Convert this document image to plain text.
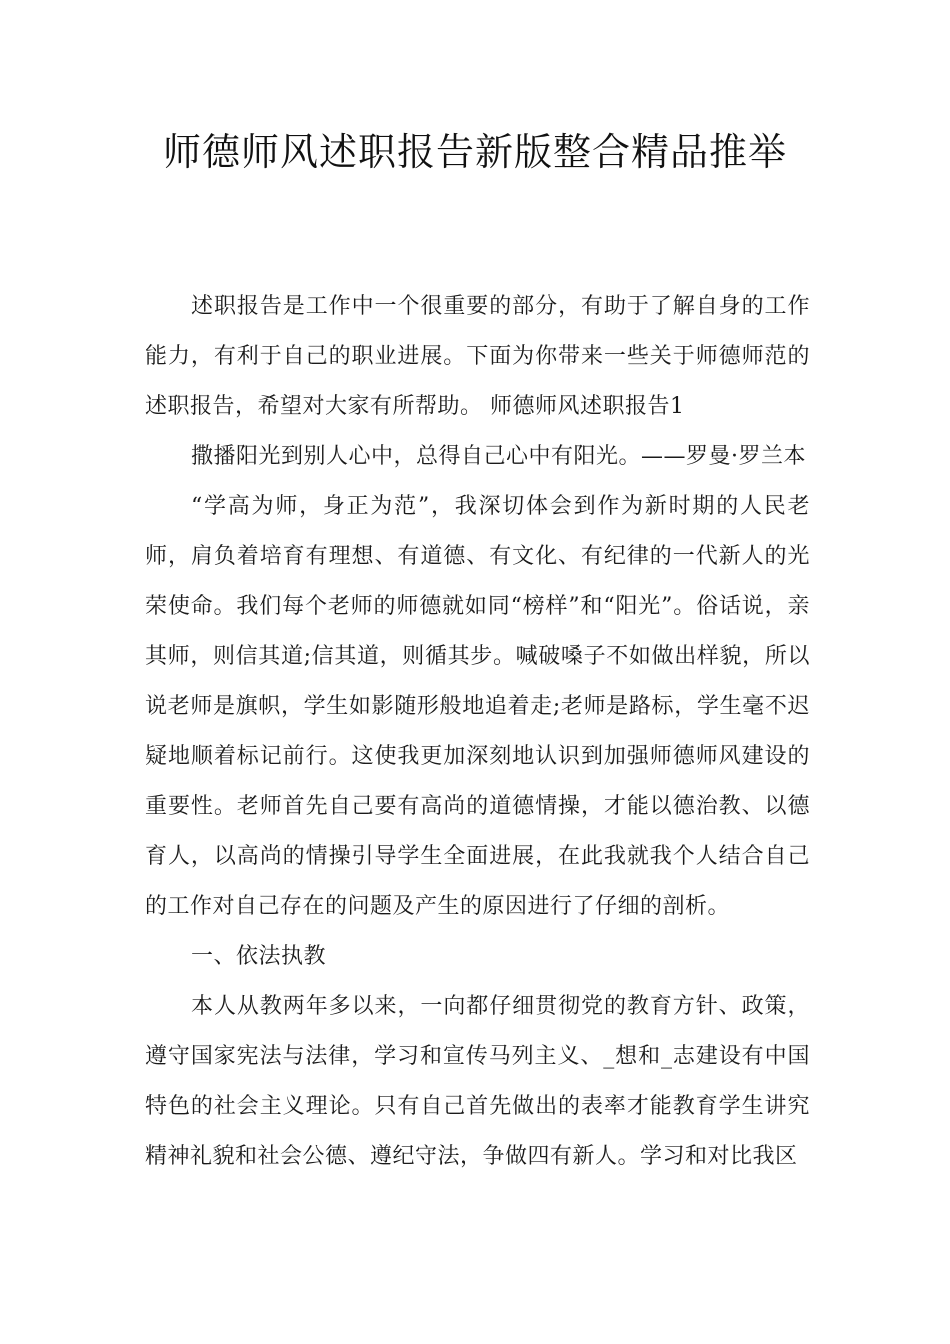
师德师风述职报告新版整合精品推举

述职报告是工作中一个很重要的部分，有助于了解自身的工作能力，有利于自己的职业进展。下面为你带来一些关于师德师范的述职报告，希望对大家有所帮助。 师德师风述职报告1

撒播阳光到别人心中，总得自己心中有阳光。——罗曼·罗兰本

“学高为师，身正为范”，我深切体会到作为新时期的人民老师，肩负着培育有理想、有道德、有文化、有纪律的一代新人的光荣使命。我们每个老师的师德就如同“榜样”和“阳光”。俗话说，亲其师，则信其道;信其道，则循其步。喊破嗓子不如做出样貌，所以说老师是旗帜，学生如影随形般地追着走;老师是路标，学生毫不迟疑地顺着标记前行。这使我更加深刻地认识到加强师德师风建设的重要性。老师首先自己要有高尚的道德情操，才能以德治教、以德育人，以高尚的情操引导学生全面进展，在此我就我个人结合自己的工作对自己存在的问题及产生的原因进行了仔细的剖析。

一、依法执教

本人从教两年多以来，一向都仔细贯彻党的教育方针、政策，遵守国家宪法与法律，学习和宣传马列主义、_想和_志建设有中国特色的社会主义理论。只有自己首先做出的表率才能教育学生讲究精神礼貌和社会公德、遵纪守法，争做四有新人。学习和对比我区
